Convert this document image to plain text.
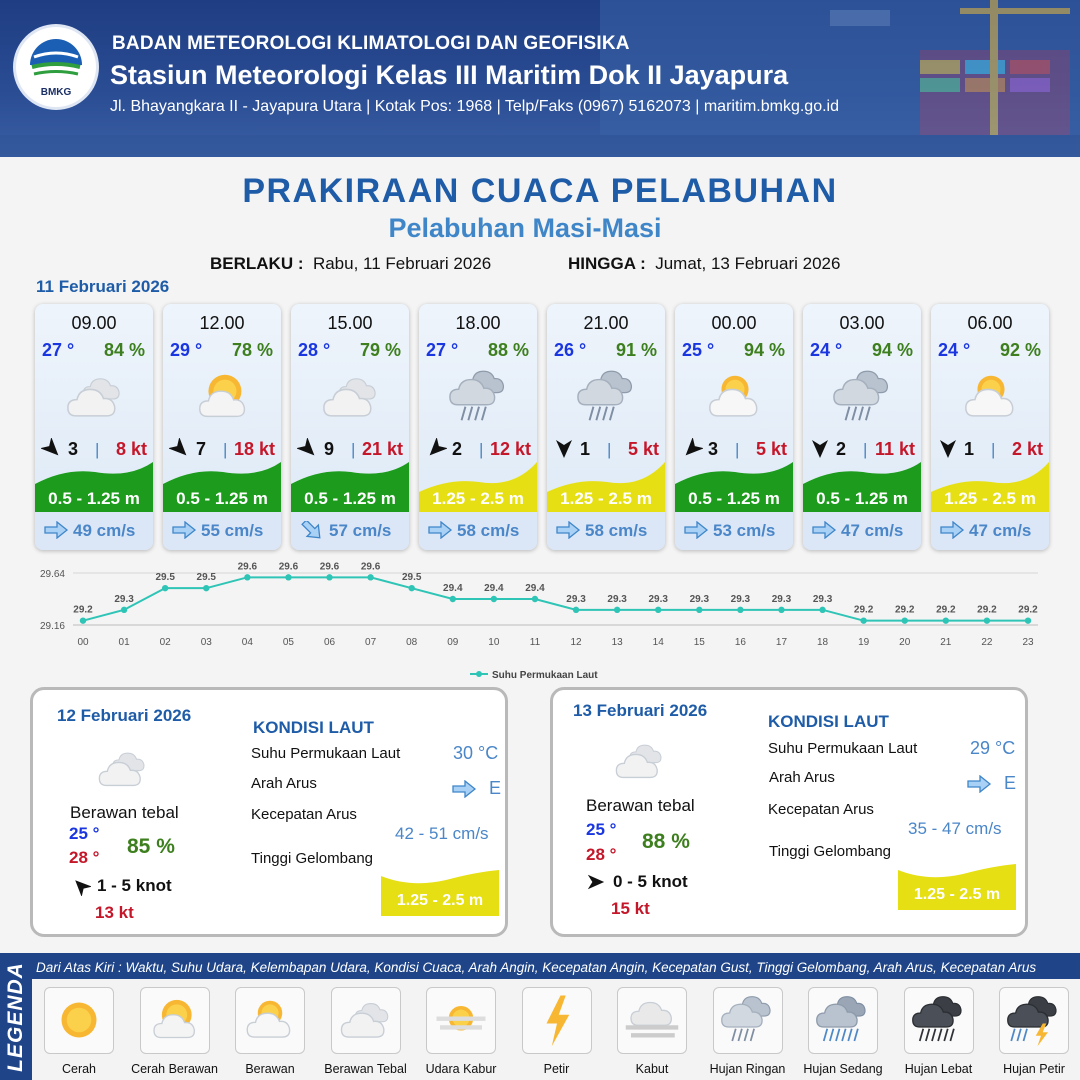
BMKG
BADAN METEOROLOGI KLIMATOLOGI DAN GEOFISIKA
Stasiun Meteorologi Kelas III Maritim Dok II Jayapura
Jl. Bhayangkara II - Jayapura Utara | Kotak Pos: 1968 | Telp/Faks (0967) 5162073 | maritim.bmkg.go.id
PRAKIRAAN CUACA PELABUHAN
Pelabuhan Masi-Masi
BERLAKU : Rabu, 11 Februari 2026	HINGGA : Jumat, 13 Februari 2026
11 Februari 2026
09.00
27 ° 84 %
3 | 8 kt
0.5 - 1.25 m
49 cm/s
12.00
29 ° 78 %
7 | 18 kt
0.5 - 1.25 m
55 cm/s
15.00
28 ° 79 %
9 | 21 kt
0.5 - 1.25 m
57 cm/s
18.00
27 ° 88 %
2 | 12 kt
1.25 - 2.5 m
58 cm/s
21.00
26 ° 91 %
1 | 5 kt
1.25 - 2.5 m
58 cm/s
00.00
25 ° 94 %
3 | 5 kt
0.5 - 1.25 m
53 cm/s
03.00
24 ° 94 %
2 | 11 kt
0.5 - 1.25 m
47 cm/s
06.00
24 ° 92 %
1 | 2 kt
1.25 - 2.5 m
47 cm/s
29.64
29.16
29.2
00
29.3
01
29.5
02
29.5
03
29.6
04
29.6
05
29.6
06
29.6
07
29.5
08
29.4
09
29.4
10
29.4
11
29.3
12
29.3
13
29.3
14
29.3
15
29.3
16
29.3
17
29.3
18
29.2
19
29.2
20
29.2
21
29.2
22
29.2
23
Suhu Permukaan Laut
12 Februari 2026
KONDISI LAUT
Suhu Permukaan Laut	30 °C
Arah Arus	E
Kecepatan Arus
42 - 51 cm/s
Tinggi Gelombang
1.25 - 2.5 m
Berawan tebal
25 °
28 ° 85 %
1 - 5 knot
13 kt
13 Februari 2026
KONDISI LAUT
Suhu Permukaan Laut	29 °C
Arah Arus	E
Kecepatan Arus
35 - 47 cm/s
Tinggi Gelombang
1.25 - 2.5 m
Berawan tebal
25 °
28 °
88 %
0 - 5 knot
15 kt
LEGENDA Dari Atas Kiri : Waktu, Suhu Udara, Kelembapan Udara, Kondisi Cuaca, Arah Angin, Kecepatan Angin, Kecepatan Gust, Tinggi Gelombang, Arah Arus, Kecepatan Arus
Cerah	Cerah Berawan	Berawan	Berawan Tebal	Udara Kabur	Petir	Kabut	Hujan Ringan	Hujan Sedang	Hujan Lebat	Hujan Petir
